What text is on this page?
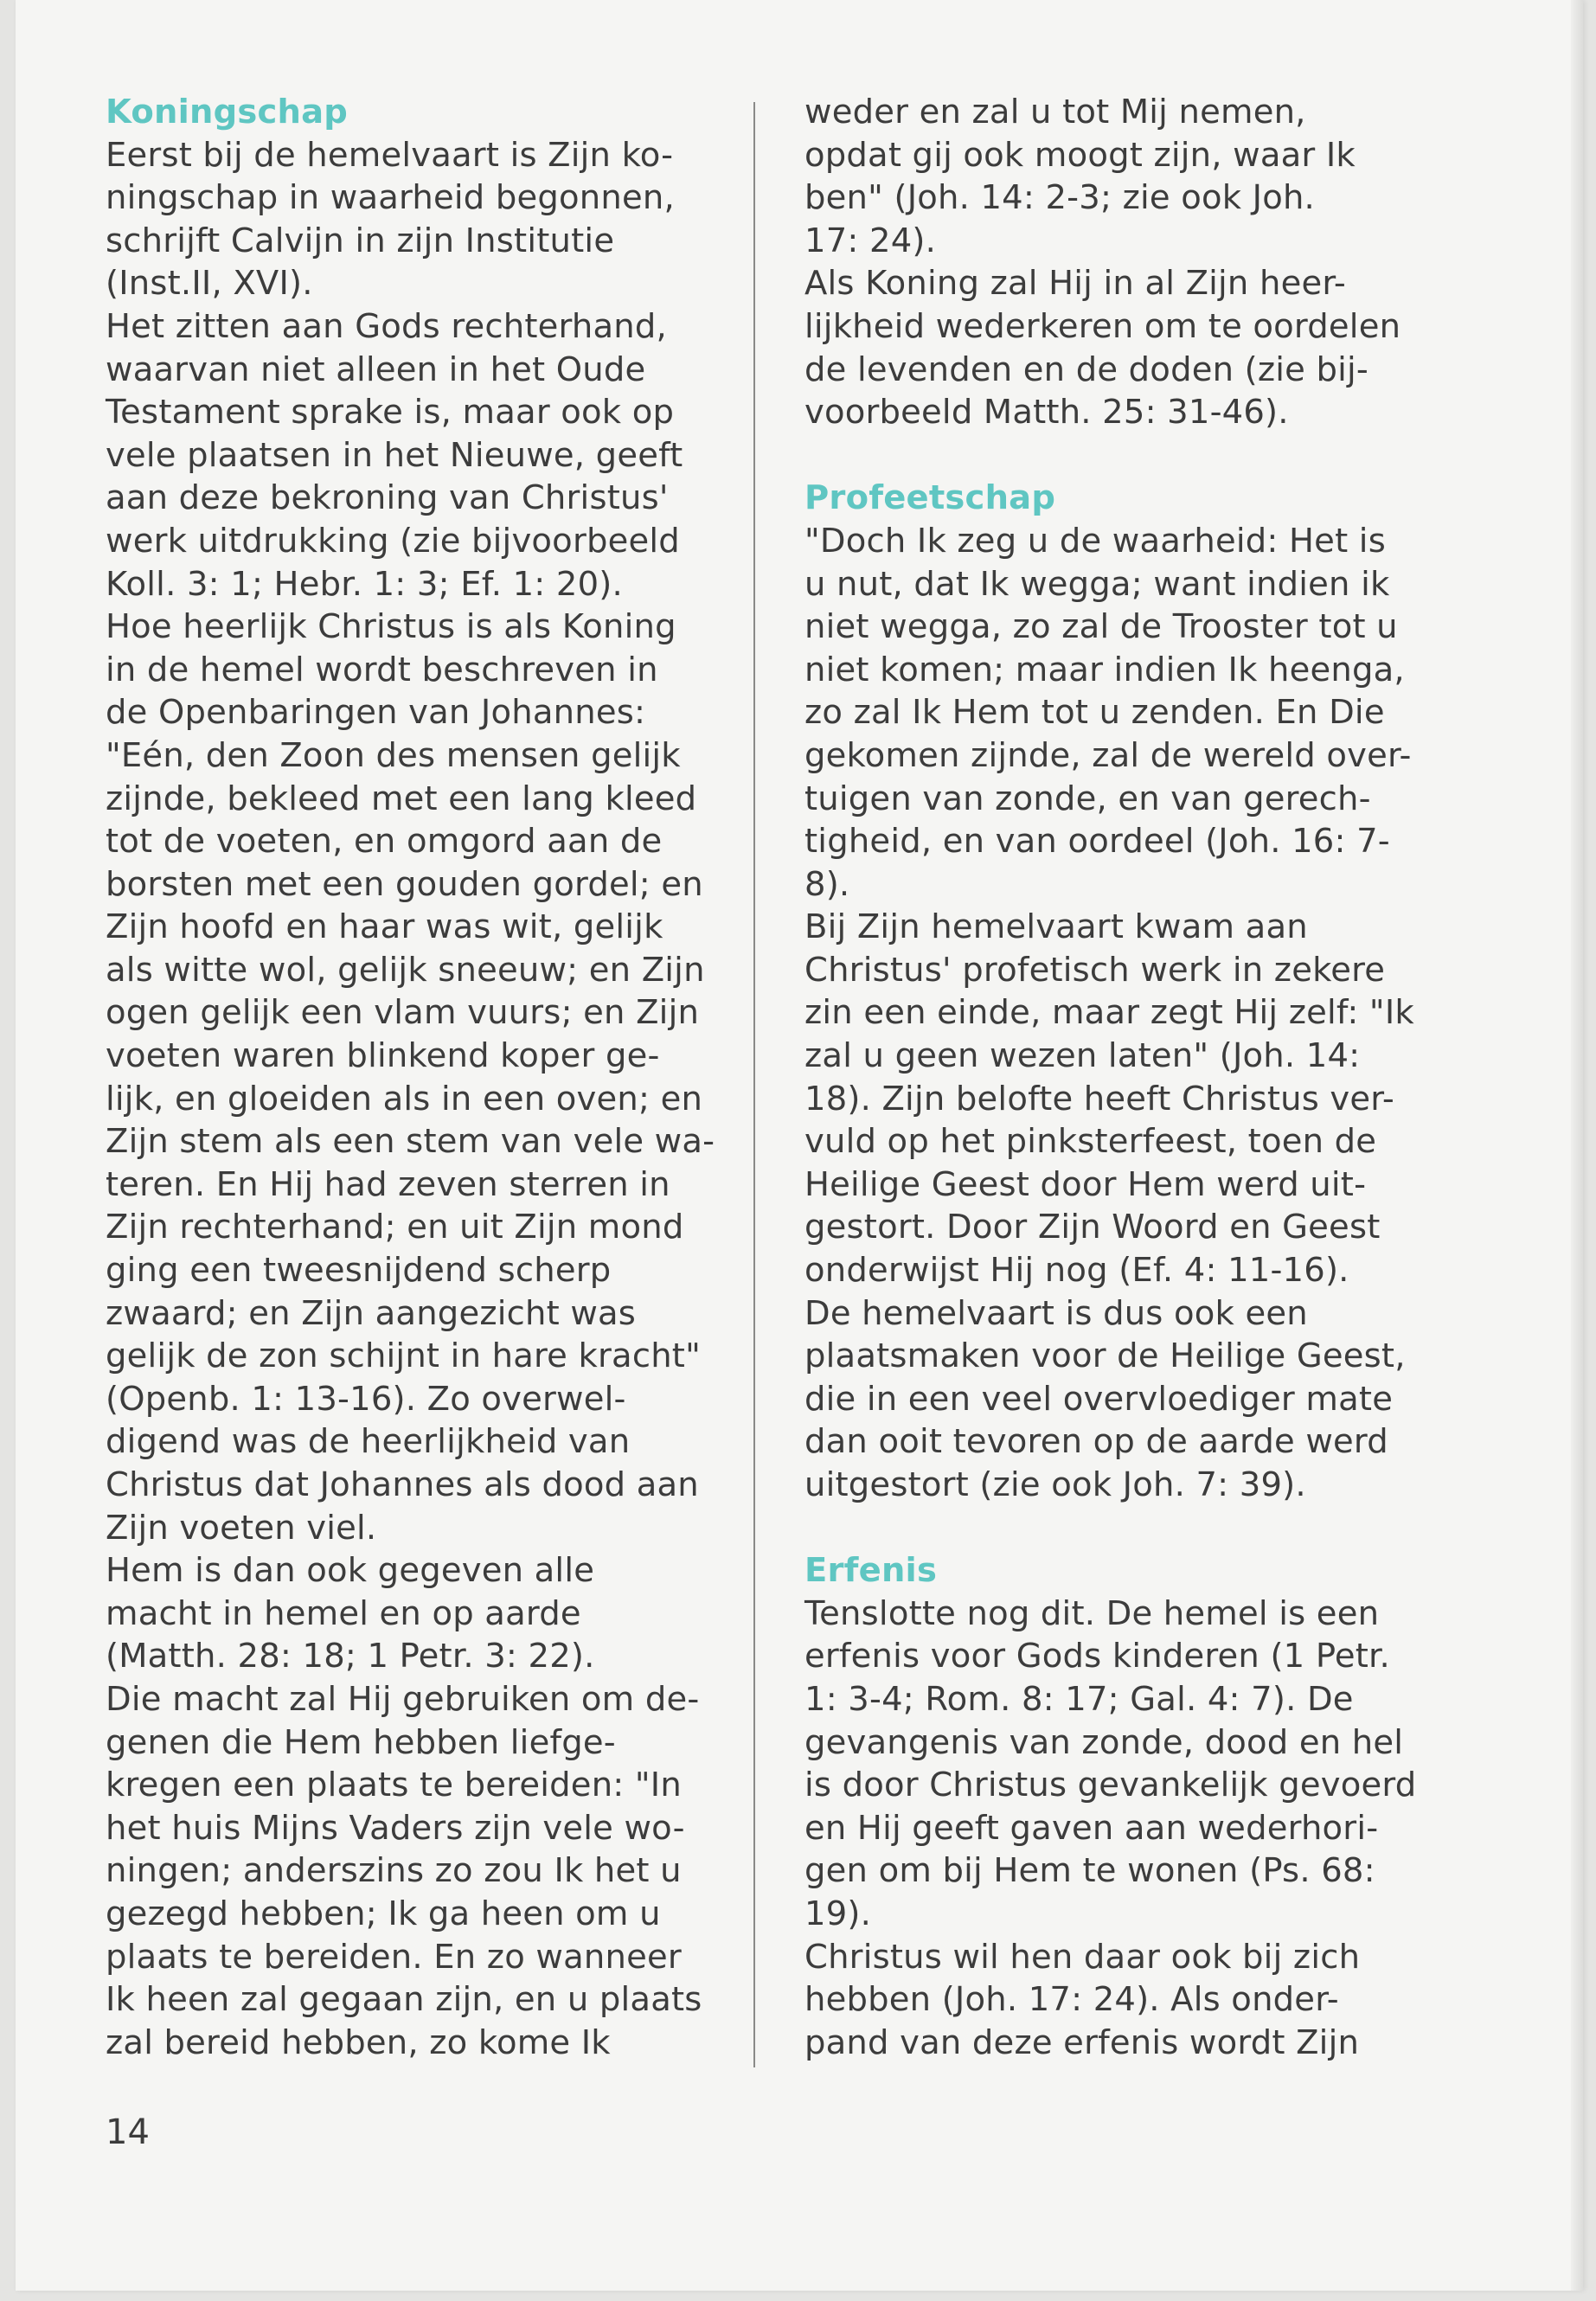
Koningschap
Eerst bij de hemelvaart is Zijn ko-
ningschap in waarheid begonnen,
schrijft Calvijn in zijn Institutie
(Inst.II, XVI).
Het zitten aan Gods rechterhand,
waarvan niet alleen in het Oude
Testament sprake is, maar ook op
vele plaatsen in het Nieuwe, geeft
aan deze bekroning van Christus'
werk uitdrukking (zie bijvoorbeeld
Koll. 3: 1; Hebr. 1: 3; Ef. 1: 20).
Hoe heerlijk Christus is als Koning
in de hemel wordt beschreven in
de Openbaringen van Johannes:
"Eén, den Zoon des mensen gelijk
zijnde, bekleed met een lang kleed
tot de voeten, en omgord aan de
borsten met een gouden gordel; en
Zijn hoofd en haar was wit, gelijk
als witte wol, gelijk sneeuw; en Zijn
ogen gelijk een vlam vuurs; en Zijn
voeten waren blinkend koper ge-
lijk, en gloeiden als in een oven; en
Zijn stem als een stem van vele wa-
teren. En Hij had zeven sterren in
Zijn rechterhand; en uit Zijn mond
ging een tweesnijdend scherp
zwaard; en Zijn aangezicht was
gelijk de zon schijnt in hare kracht"
(Openb. 1: 13-16). Zo overwel-
digend was de heerlijkheid van
Christus dat Johannes als dood aan
Zijn voeten viel.
Hem is dan ook gegeven alle
macht in hemel en op aarde
(Matth. 28: 18; 1 Petr. 3: 22).
Die macht zal Hij gebruiken om de-
genen die Hem hebben liefge-
kregen een plaats te bereiden: "In
het huis Mijns Vaders zijn vele wo-
ningen; anderszins zo zou Ik het u
gezegd hebben; Ik ga heen om u
plaats te bereiden. En zo wanneer
Ik heen zal gegaan zijn, en u plaats
zal bereid hebben, zo kome Ik
weder en zal u tot Mij nemen,
opdat gij ook moogt zijn, waar Ik
ben" (Joh. 14: 2-3; zie ook Joh.
17: 24).
Als Koning zal Hij in al Zijn heer-
lijkheid wederkeren om te oordelen
de levenden en de doden (zie bij-
voorbeeld Matth. 25: 31-46).
Profeetschap
"Doch Ik zeg u de waarheid: Het is
u nut, dat Ik wegga; want indien ik
niet wegga, zo zal de Trooster tot u
niet komen; maar indien Ik heenga,
zo zal Ik Hem tot u zenden. En Die
gekomen zijnde, zal de wereld over-
tuigen van zonde, en van gerech-
tigheid, en van oordeel (Joh. 16: 7-
8).
Bij Zijn hemelvaart kwam aan
Christus' profetisch werk in zekere
zin een einde, maar zegt Hij zelf: "Ik
zal u geen wezen laten" (Joh. 14:
18). Zijn belofte heeft Christus ver-
vuld op het pinksterfeest, toen de
Heilige Geest door Hem werd uit-
gestort. Door Zijn Woord en Geest
onderwijst Hij nog (Ef. 4: 11-16).
De hemelvaart is dus ook een
plaatsmaken voor de Heilige Geest,
die in een veel overvloediger mate
dan ooit tevoren op de aarde werd
uitgestort (zie ook Joh. 7: 39).
Erfenis
Tenslotte nog dit. De hemel is een
erfenis voor Gods kinderen (1 Petr.
1: 3-4; Rom. 8: 17; Gal. 4: 7). De
gevangenis van zonde, dood en hel
is door Christus gevankelijk gevoerd
en Hij geeft gaven aan wederhori-
gen om bij Hem te wonen (Ps. 68:
19).
Christus wil hen daar ook bij zich
hebben (Joh. 17: 24). Als onder-
pand van deze erfenis wordt Zijn
14
